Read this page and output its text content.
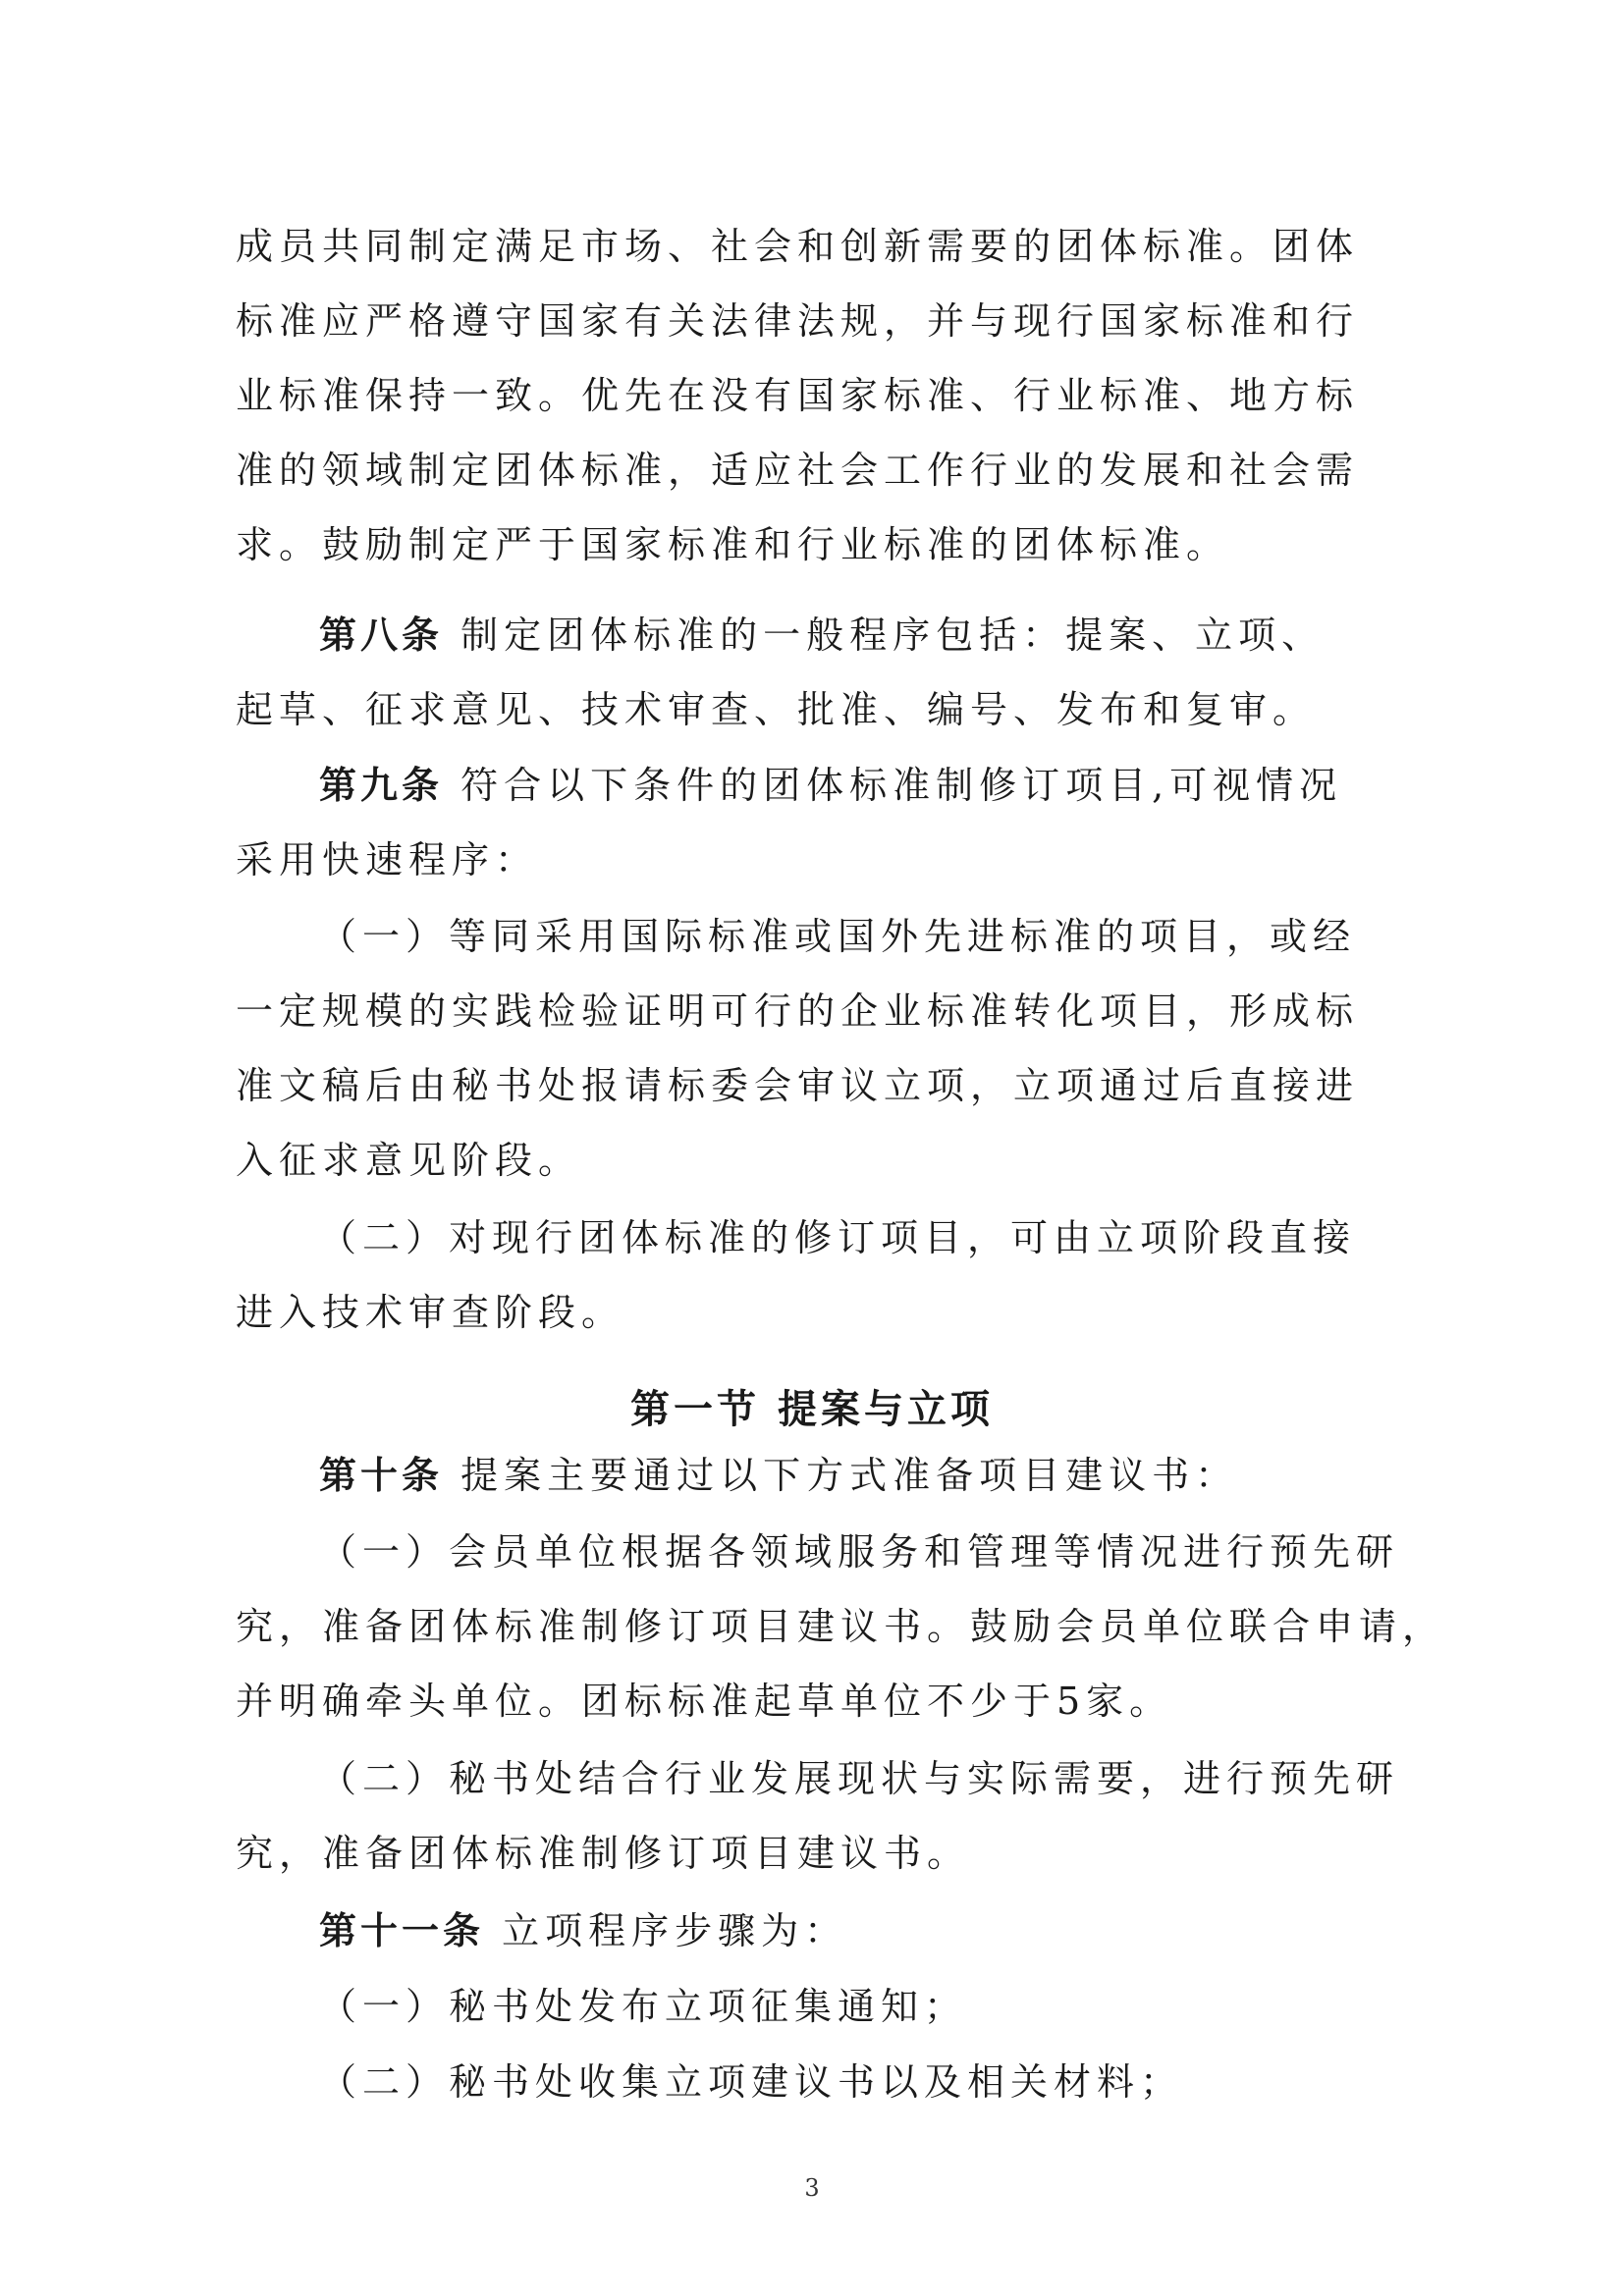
成员共同制定满足市场、社会和创新需要的团体标准。团体
标准应严格遵守国家有关法律法规，并与现行国家标准和行
业标准保持一致。优先在没有国家标准、行业标准、地方标
准的领域制定团体标准，适应社会工作行业的发展和社会需
求。鼓励制定严于国家标准和行业标准的团体标准。
第八条 制定团体标准的一般程序包括：提案、立项、
起草、征求意见、技术审查、批准、编号、发布和复审。
第九条 符合以下条件的团体标准制修订项目,可视情况
采用快速程序：
（一）等同采用国际标准或国外先进标准的项目，或经
一定规模的实践检验证明可行的企业标准转化项目，形成标
准文稿后由秘书处报请标委会审议立项，立项通过后直接进
入征求意见阶段。
（二）对现行团体标准的修订项目，可由立项阶段直接
进入技术审查阶段。
第一节 提案与立项
第十条 提案主要通过以下方式准备项目建议书：
（一）会员单位根据各领域服务和管理等情况进行预先研
究，准备团体标准制修订项目建议书。鼓励会员单位联合申请，
并明确牵头单位。团标标准起草单位不少于5家。
（二）秘书处结合行业发展现状与实际需要，进行预先研
究，准备团体标准制修订项目建议书。
第十一条 立项程序步骤为：
（一）秘书处发布立项征集通知；
（二）秘书处收集立项建议书以及相关材料；
3
